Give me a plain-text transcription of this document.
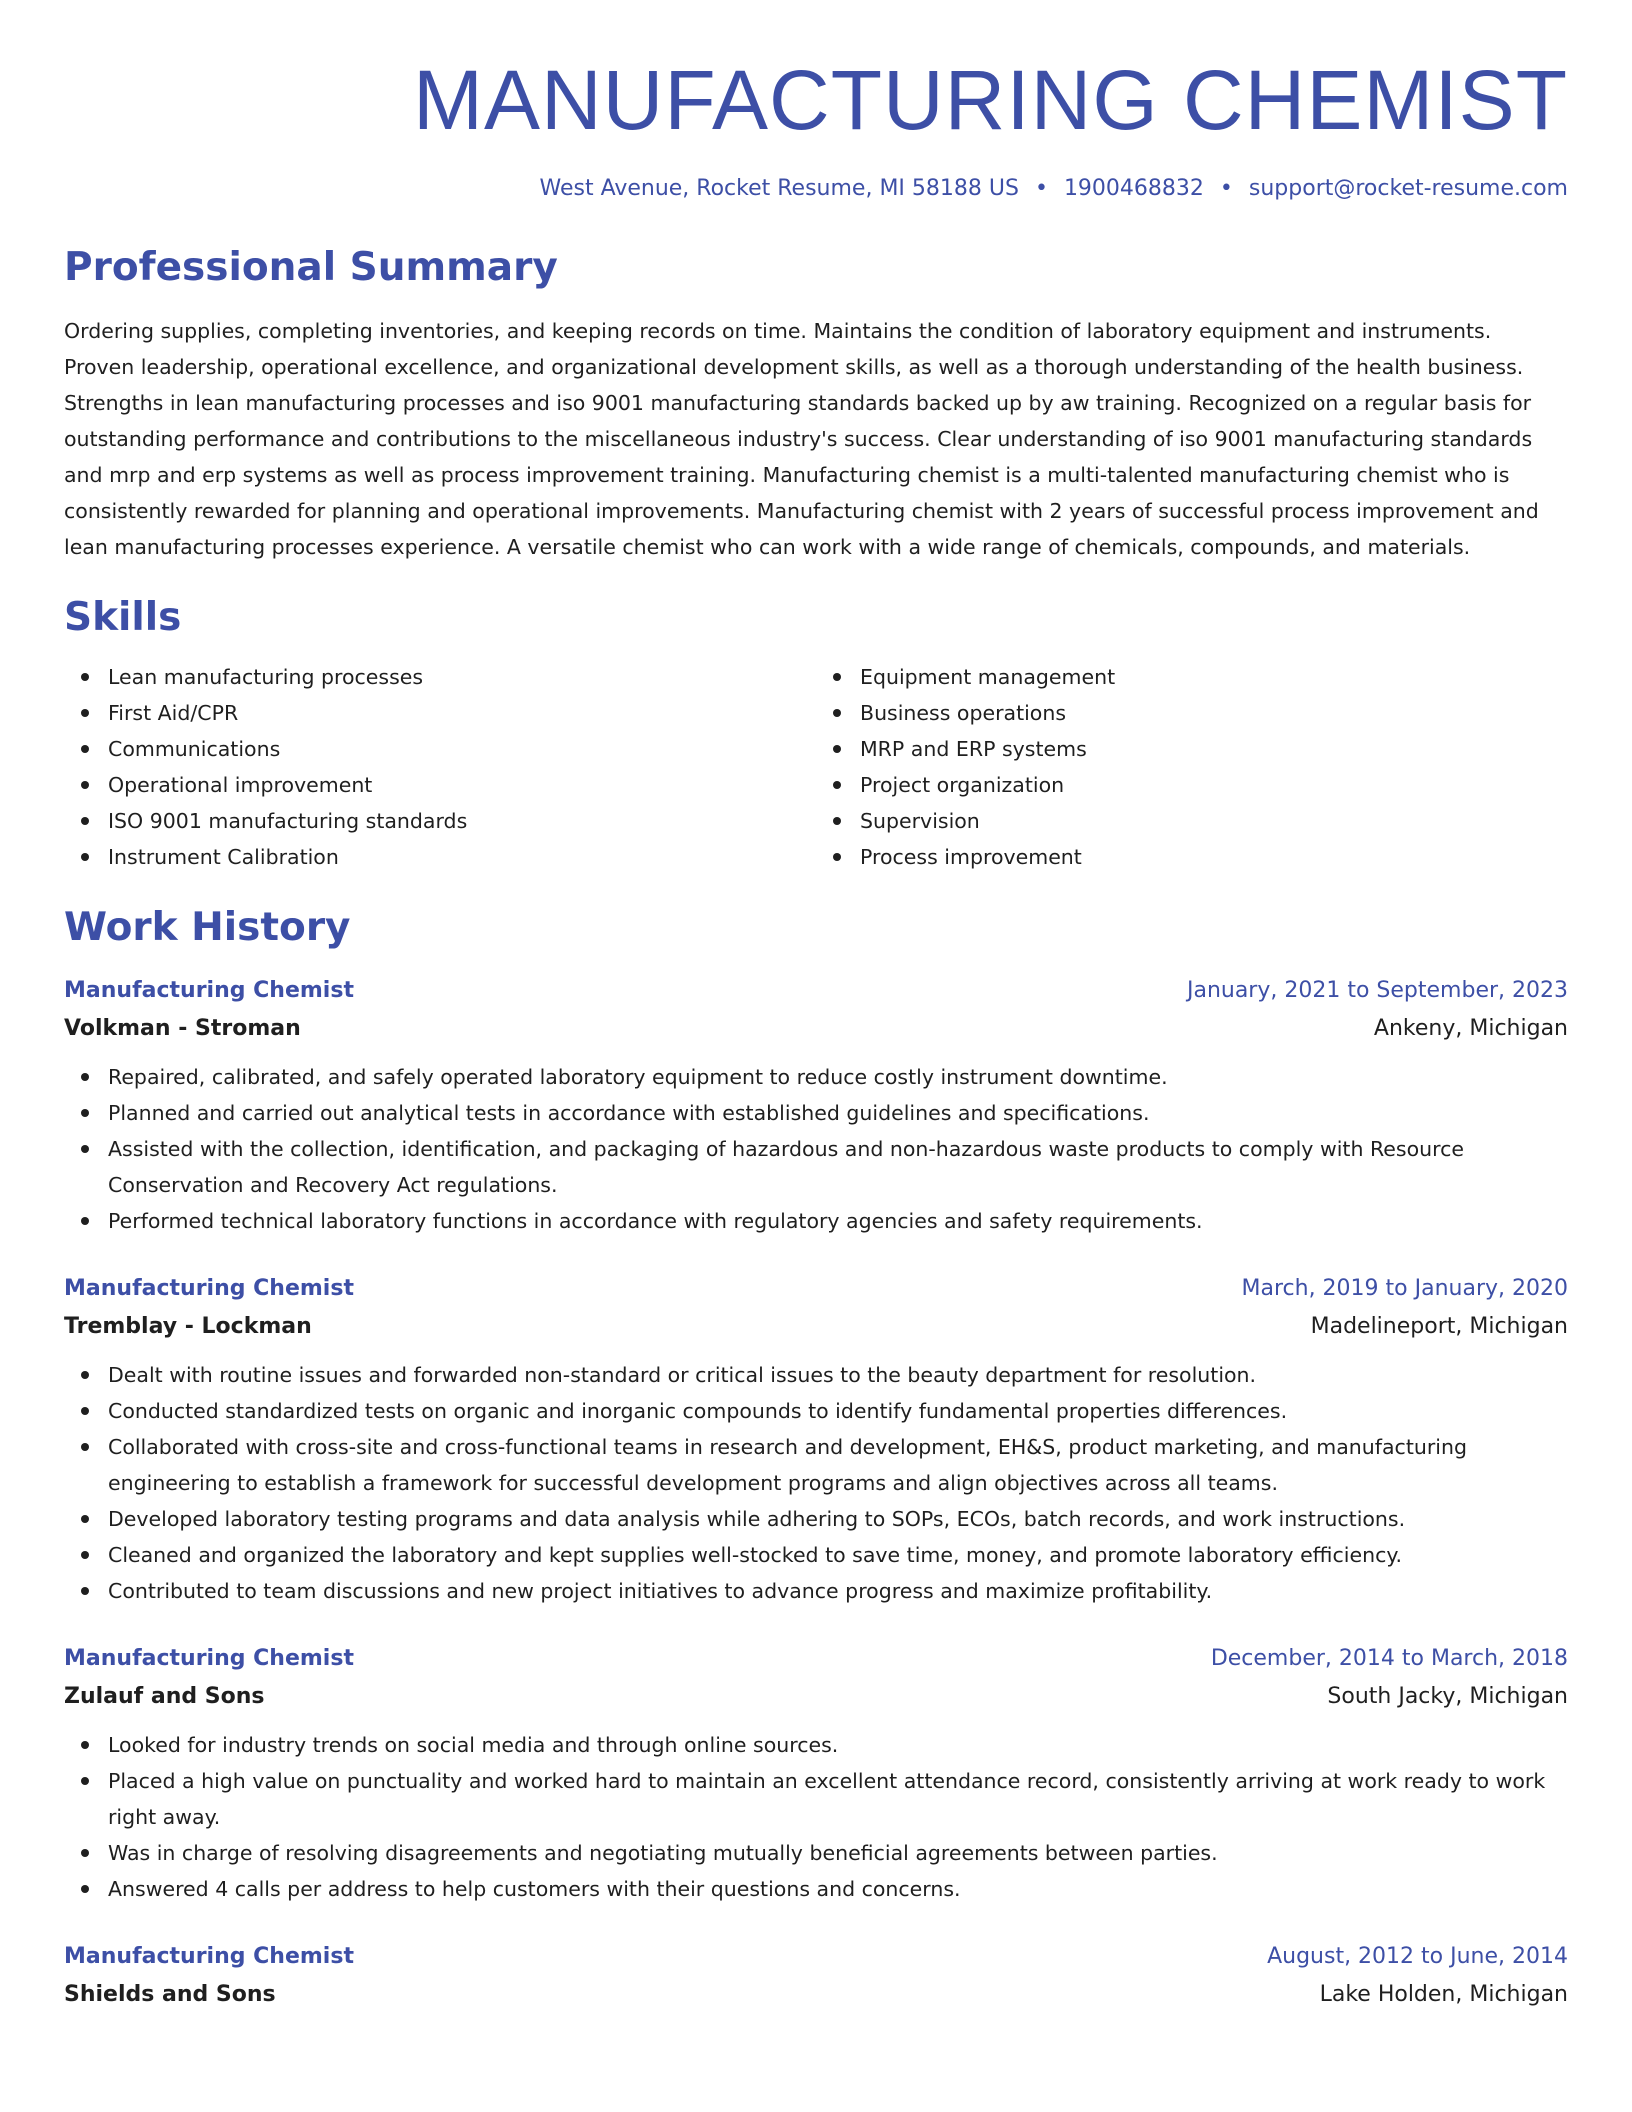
MANUFACTURING CHEMIST
West Avenue, Rocket Resume, MI 58188 US • 1900468832 • support@rocket-resume.com
Professional Summary
Ordering supplies, completing inventories, and keeping records on time. Maintains the condition of laboratory equipment and instruments. Proven leadership, operational excellence, and organizational development skills, as well as a thorough understanding of the health business. Strengths in lean manufacturing processes and iso 9001 manufacturing standards backed up by aw training. Recognized on a regular basis for outstanding performance and contributions to the miscellaneous industry's success. Clear understanding of iso 9001 manufacturing standards and mrp and erp systems as well as process improvement training. Manufacturing chemist is a multi-talented manufacturing chemist who is consistently rewarded for planning and operational improvements. Manufacturing chemist with 2 years of successful process improvement and lean manufacturing processes experience. A versatile chemist who can work with a wide range of chemicals, compounds, and materials.
Skills
Lean manufacturing processes
First Aid/CPR
Communications
Operational improvement
ISO 9001 manufacturing standards
Instrument Calibration
Equipment management
Business operations
MRP and ERP systems
Project organization
Supervision
Process improvement
Work History
Manufacturing Chemist	January, 2021 to September, 2023
Volkman - Stroman	Ankeny, Michigan
Repaired, calibrated, and safely operated laboratory equipment to reduce costly instrument downtime.
Planned and carried out analytical tests in accordance with established guidelines and specifications.
Assisted with the collection, identification, and packaging of hazardous and non-hazardous waste products to comply with Resource Conservation and Recovery Act regulations.
Performed technical laboratory functions in accordance with regulatory agencies and safety requirements.
Manufacturing Chemist	March, 2019 to January, 2020
Tremblay - Lockman	Madelineport, Michigan
Dealt with routine issues and forwarded non-standard or critical issues to the beauty department for resolution.
Conducted standardized tests on organic and inorganic compounds to identify fundamental properties differences.
Collaborated with cross-site and cross-functional teams in research and development, EH&S, product marketing, and manufacturing engineering to establish a framework for successful development programs and align objectives across all teams.
Developed laboratory testing programs and data analysis while adhering to SOPs, ECOs, batch records, and work instructions.
Cleaned and organized the laboratory and kept supplies well-stocked to save time, money, and promote laboratory efficiency.
Contributed to team discussions and new project initiatives to advance progress and maximize profitability.
Manufacturing Chemist	December, 2014 to March, 2018
Zulauf and Sons	South Jacky, Michigan
Looked for industry trends on social media and through online sources.
Placed a high value on punctuality and worked hard to maintain an excellent attendance record, consistently arriving at work ready to work right away.
Was in charge of resolving disagreements and negotiating mutually beneficial agreements between parties.
Answered 4 calls per address to help customers with their questions and concerns.
Manufacturing Chemist	August, 2012 to June, 2014
Shields and Sons	Lake Holden, Michigan
